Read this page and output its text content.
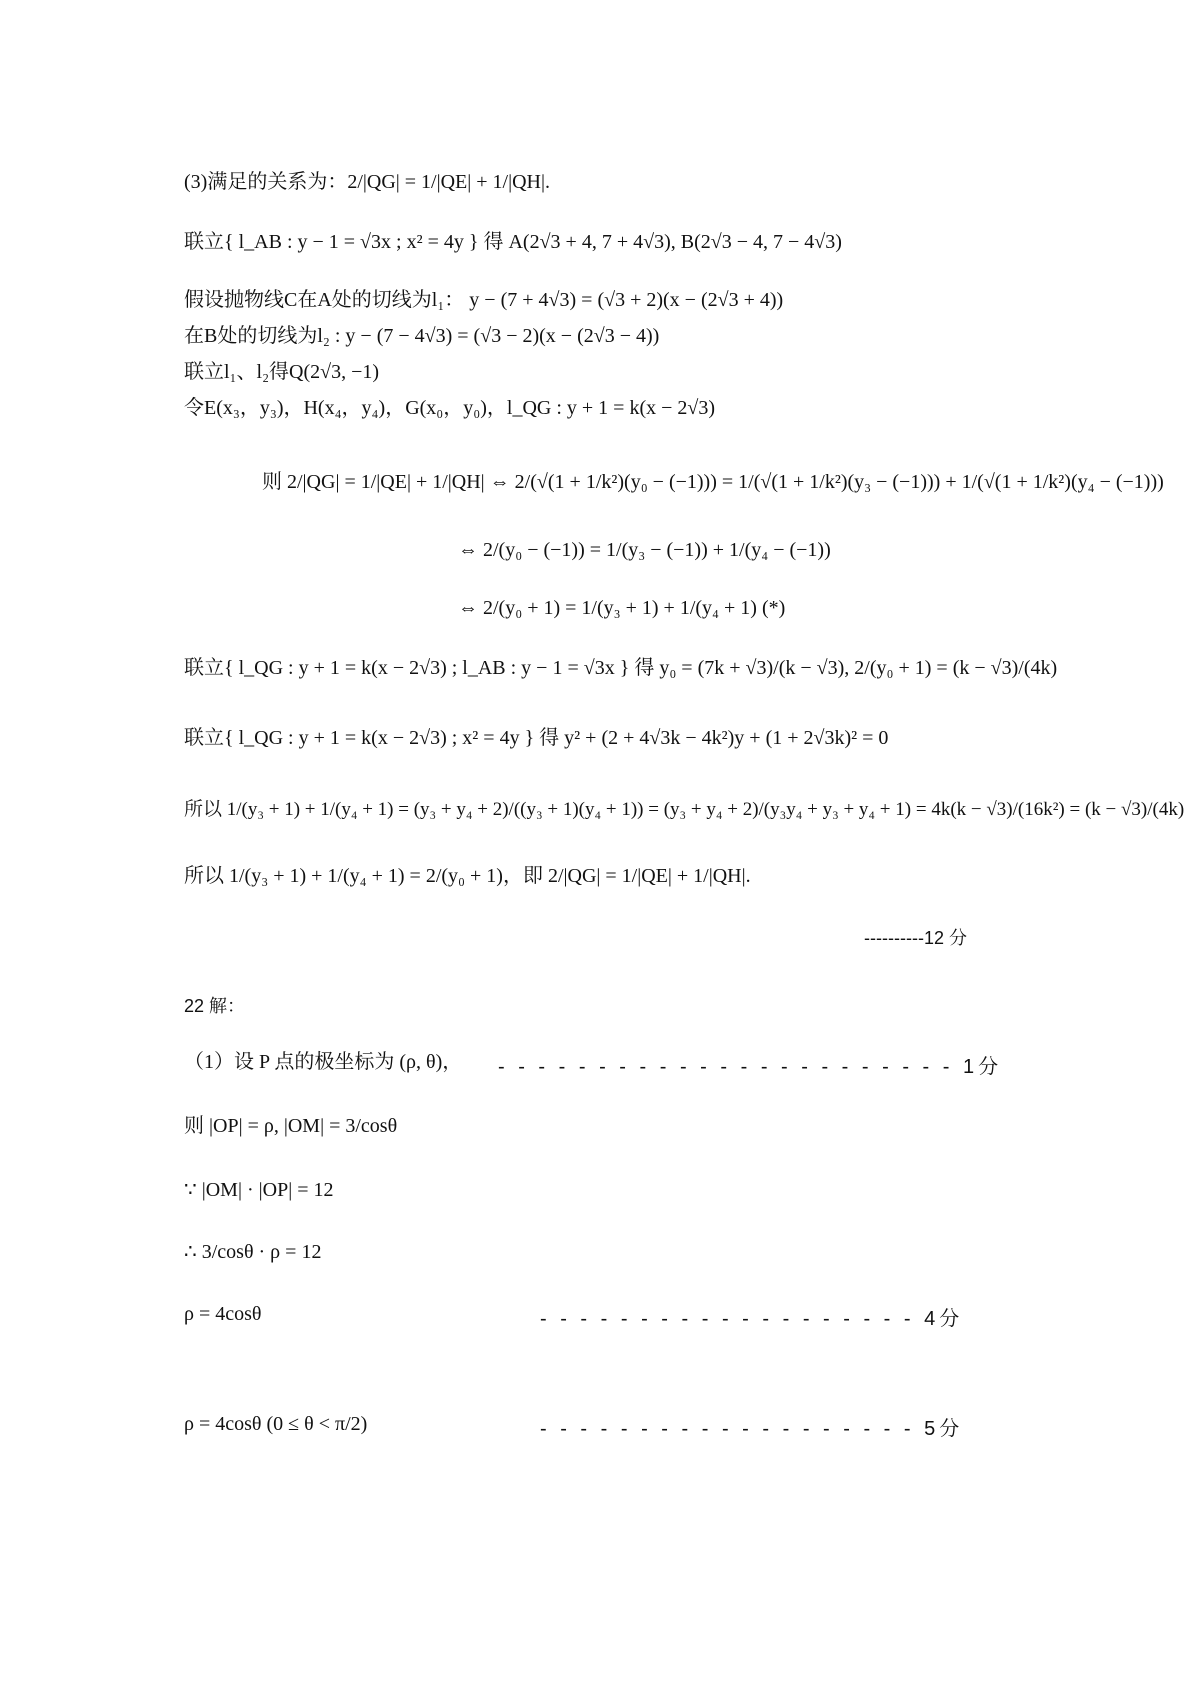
(3)满足的关系为：2/|QG| = 1/|QE| + 1/|QH|.
联立{ l_AB : y − 1 = √3x ; x² = 4y } 得 A(2√3 + 4, 7 + 4√3), B(2√3 − 4, 7 − 4√3)
假设抛物线C在A处的切线为l₁： y − (7 + 4√3) = (√3 + 2)(x − (2√3 + 4))
在B处的切线为l₂ : y − (7 − 4√3) = (√3 − 2)(x − (2√3 − 4))
联立l₁、l₂得Q(2√3, −1)
令E(x₃，y₃)，H(x₄，y₄)，G(x₀，y₀)，l_QG : y + 1 = k(x − 2√3)
则 2/|QG| = 1/|QE| + 1/|QH| ⇔ 2/(√(1 + 1/k²)(y₀ − (−1))) = 1/(√(1 + 1/k²)(y₃ − (−1))) + 1/(√(1 + 1/k²)(y₄ − (−1)))
⇔ 2/(y₀ − (−1)) = 1/(y₃ − (−1)) + 1/(y₄ − (−1))
⇔ 2/(y₀ + 1) = 1/(y₃ + 1) + 1/(y₄ + 1) (*)
联立{ l_QG : y + 1 = k(x − 2√3) ; l_AB : y − 1 = √3x } 得 y₀ = (7k + √3)/(k − √3), 2/(y₀ + 1) = (k − √3)/(4k)
联立{ l_QG : y + 1 = k(x − 2√3) ; x² = 4y } 得 y² + (2 + 4√3k − 4k²)y + (1 + 2√3k)² = 0
所以 1/(y₃ + 1) + 1/(y₄ + 1) = (y₃ + y₄ + 2)/((y₃ + 1)(y₄ + 1)) = (y₃ + y₄ + 2)/(y₃y₄ + y₃ + y₄ + 1) = 4k(k − √3)/(16k²) = (k − √3)/(4k)
所以 1/(y₃ + 1) + 1/(y₄ + 1) = 2/(y₀ + 1)，即 2/|QG| = 1/|QE| + 1/|QH|.
----------12 分
22 解：
（1）设 P 点的极坐标为 (ρ, θ)， - - - - - - - - - - - - - - - - - - - - - - - 1分
则 |OP| = ρ, |OM| = 3/cosθ
∵ |OM| · |OP| = 12
∴ 3/cosθ · ρ = 12
ρ = 4cosθ	- - - - - - - - - - - - - - - - - - - 4分
ρ = 4cosθ (0 ≤ θ < π/2)	- - - - - - - - - - - - - - - - - - - 5分
